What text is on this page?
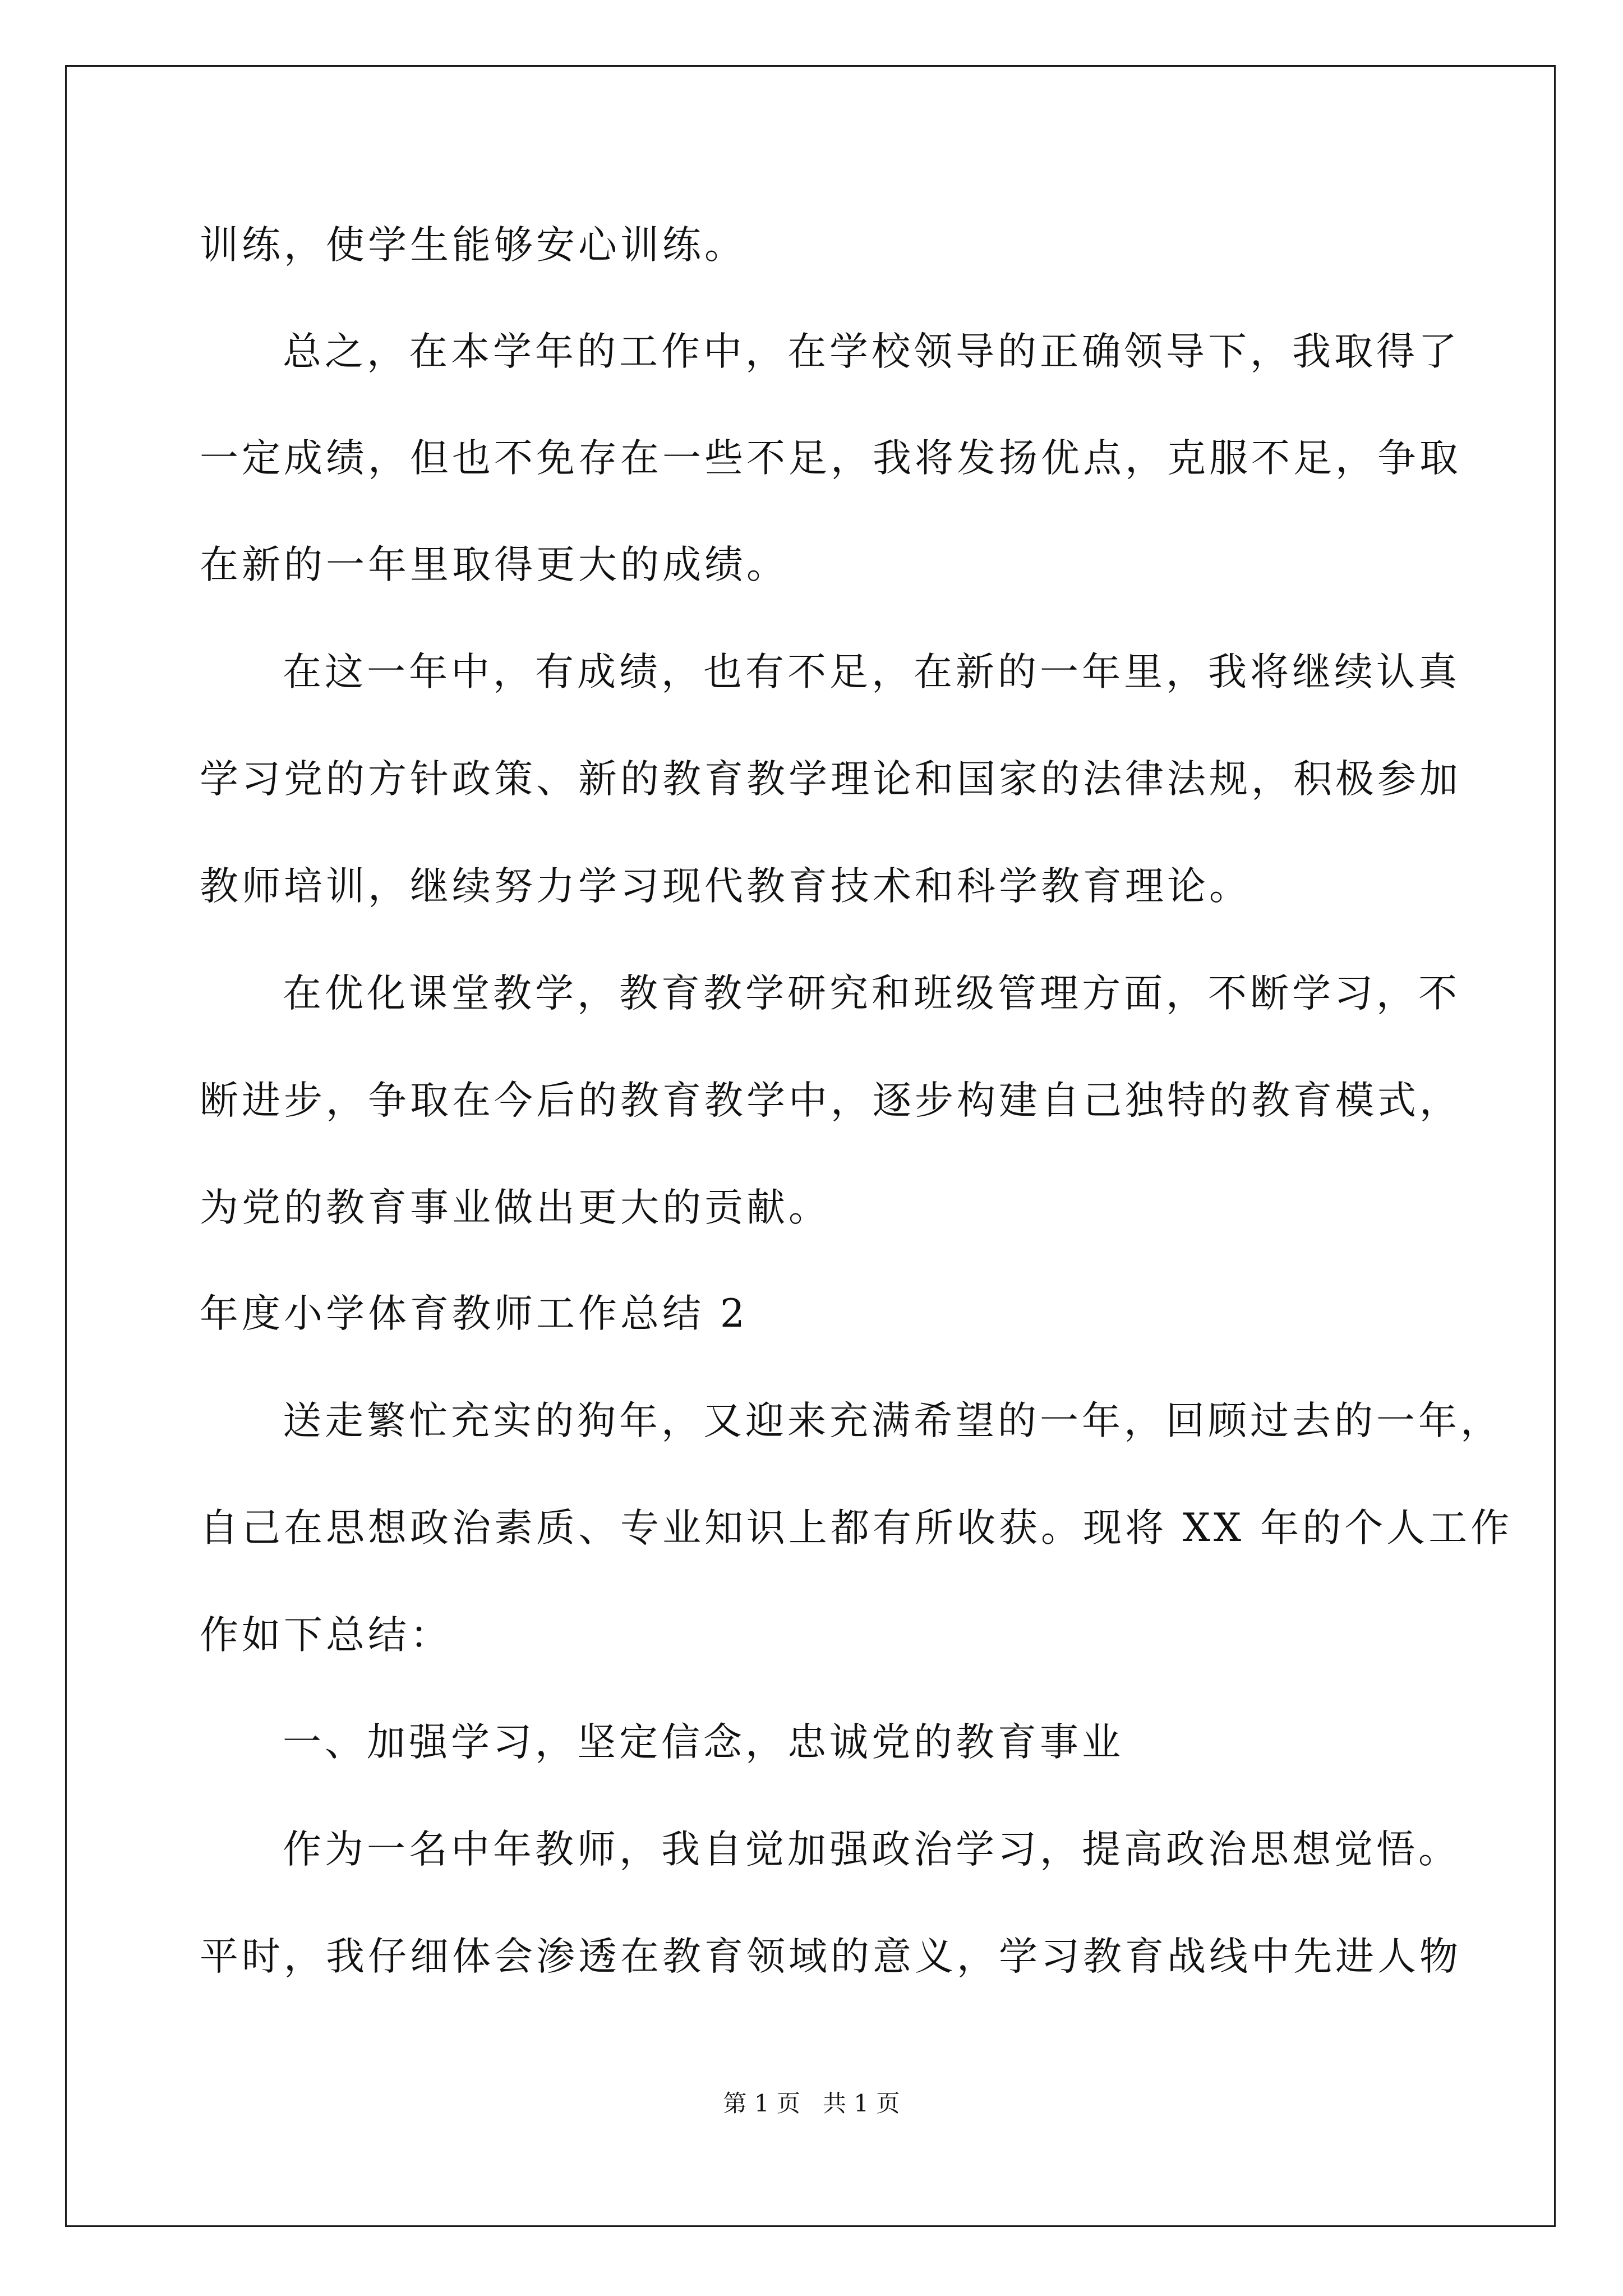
训练，使学生能够安心训练。
总之，在本学年的工作中，在学校领导的正确领导下，我取得了
一定成绩，但也不免存在一些不足，我将发扬优点，克服不足，争取
在新的一年里取得更大的成绩。
在这一年中，有成绩，也有不足，在新的一年里，我将继续认真
学习党的方针政策、新的教育教学理论和国家的法律法规，积极参加
教师培训，继续努力学习现代教育技术和科学教育理论。
在优化课堂教学，教育教学研究和班级管理方面，不断学习，不
断进步，争取在今后的教育教学中，逐步构建自己独特的教育模式，
为党的教育事业做出更大的贡献。
年度小学体育教师工作总结 2
送走繁忙充实的狗年，又迎来充满希望的一年，回顾过去的一年，
自己在思想政治素质、专业知识上都有所收获。现将 XX 年的个人工作
作如下总结：
一、加强学习，坚定信念，忠诚党的教育事业
作为一名中年教师，我自觉加强政治学习，提高政治思想觉悟。
平时，我仔细体会渗透在教育领域的意义，学习教育战线中先进人物
第 1 页   共 1 页
